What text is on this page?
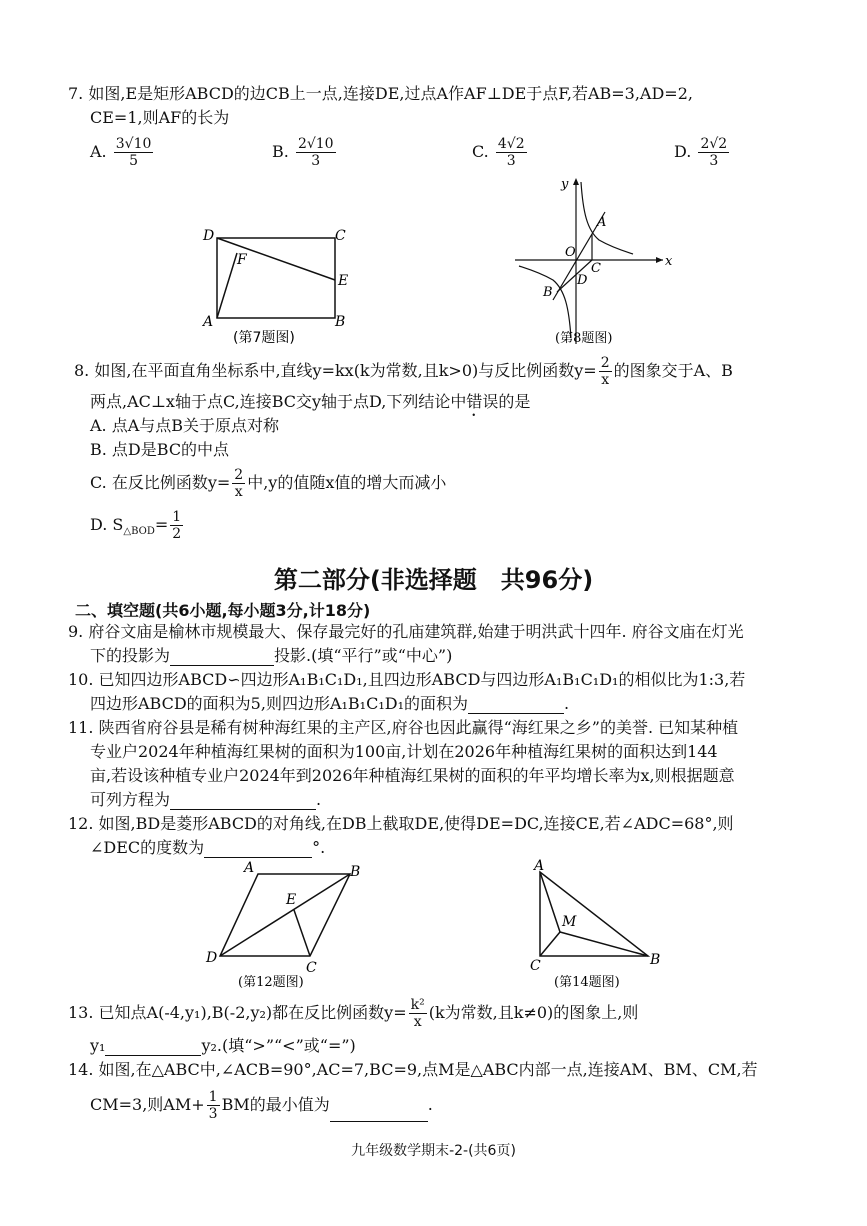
7. 如图,E是矩形ABCD的边CB上一点,连接DE,过点A作AF⊥DE于点F,若AB=3,AD=2,
CE=1,则AF的长为
A. $\frac{3√10}{5}$	B. $\frac{2√10}{3}$	C. $\frac{4√2}{3}$	D. $\frac{2√2}{3}$
D	C
A	B
E
F
(第7题图)
y
x
O
A
B
C
D
(第8题图)
8. 如图,在平面直角坐标系中,直线y=kx(k为常数,且k>0)与反比例函数$y= \frac{2}{x}$ 的图象交于A、B
两点,AC⊥x轴于点C,连接BC交y轴于点D,下列结论中错误的是
A. 点A与点B关于原点对称
B. 点D是BC的中点
C. 在反比例函数$y= \frac{2}{x}$ 中,y的值随x值的增大而减小
D. $S_{\triangle BOD}= \frac{1}{2}$
第二部分(非选择题　共96分)
二、填空题(共6小题,每小题3分,计18分)
9. 府谷文庙是榆林市规模最大、保存最完好的孔庙建筑群,始建于明洪武十四年. 府谷文庙在灯光
下的投影为	投影.(填“平行”或“中心”)
10. 已知四边形ABCD∽四边形A₁B₁C₁D₁,且四边形ABCD与四边形A₁B₁C₁D₁的相似比为1:3,若
四边形ABCD的面积为5,则四边形A₁B₁C₁D₁的面积为	.
11. 陕西省府谷县是稀有树种海红果的主产区,府谷也因此赢得“海红果之乡”的美誉. 已知某种植
专业户2024年种植海红果树的面积为100亩,计划在2026年种植海红果树的面积达到144
亩,若设该种植专业户2024年到2026年种植海红果树的面积的年平均增长率为x,则根据题意
可列方程为	.
12. 如图,BD是菱形ABCD的对角线,在DB上截取DE,使得DE=DC,连接CE,若∠ADC=68°,则
∠DEC的度数为	°.
A	B
C
D
E
(第12题图)
A
B
C
M
(第14题图)
13. 已知点A(-4,y₁),B(-2,y₂)都在反比例函数$y= \frac{\text{k²}}{x} (k$为常数,且k≠0)的图象上,则
y₁	y₂.(填“>”“<”或“=”)
14. 如图,在△ABC中,∠ACB=90°,AC=7,BC=9,点M是△ABC内部一点,连接AM、BM、CM,若
CM=3,则$AM+ \frac{1}{3}$ BM的最小值为	.
九年级数学期末-2-(共6页)
